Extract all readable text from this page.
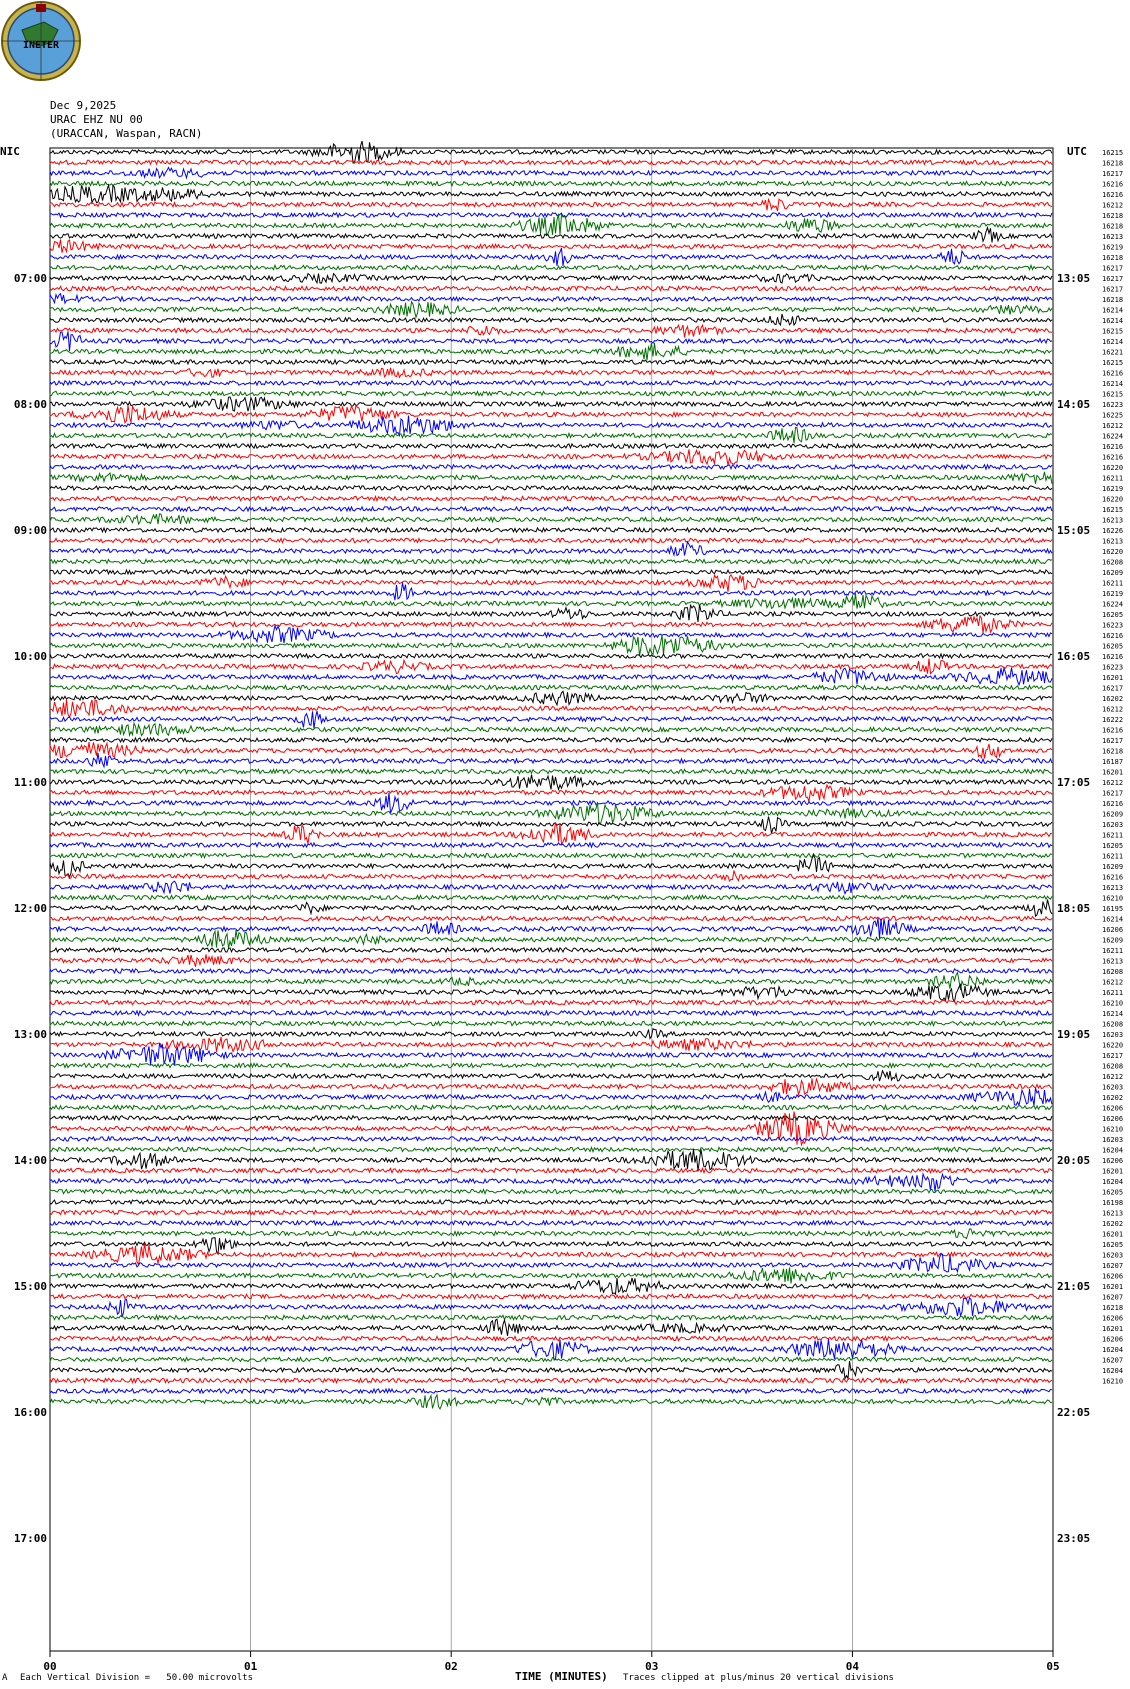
INETER
Dec 9,2025
URAC EHZ NU 00
(URACCAN, Waspan, RACN)
NIC	UTC 16215
16218
16217
16216
16216
16212
16218
16218
16213
16219
16218
16217
16217
16217
16218
16214
16214
16215
16214
16221
16215
16216
16214
16215
16223
16225
16212
16224
16216
16216
16220
16211
16219
16220
16215
16213
16226
16213
16220
16208
16209
16211
16219
16224
16205
16223
16216
16205
16216
16223
16201
16217
16202
16212
16222
16216
16217
16218
16187
16201
16212
16217
16216
16209
16203
16211
16205
16211
16209
16216
16213
16210
16195
16214
16206
16209
16211
16213
16208
16212
16211
16210
16214
16208
16203
16220
16217
16208
16212
16203
16202
16206
16206
16210
16203
16204
16206
16201
16204
16205
16198
16213
16202
16201
16205
16203
16207
16206
16201
16207
16218
16206
16201
16206
16204
16207
16204
16210
07:00	13:05
08:00	14:05
09:00	15:05
10:00	16:05
11:00	17:05
12:00	18:05
13:00	19:05
14:00	20:05
15:00	21:05
16:00	22:05
17:00	23:05
00	01	02	03	04	05
A Each Vertical Division =   50.00 microvolts	TIME (MINUTES) Traces clipped at plus/minus 20 vertical divisions
